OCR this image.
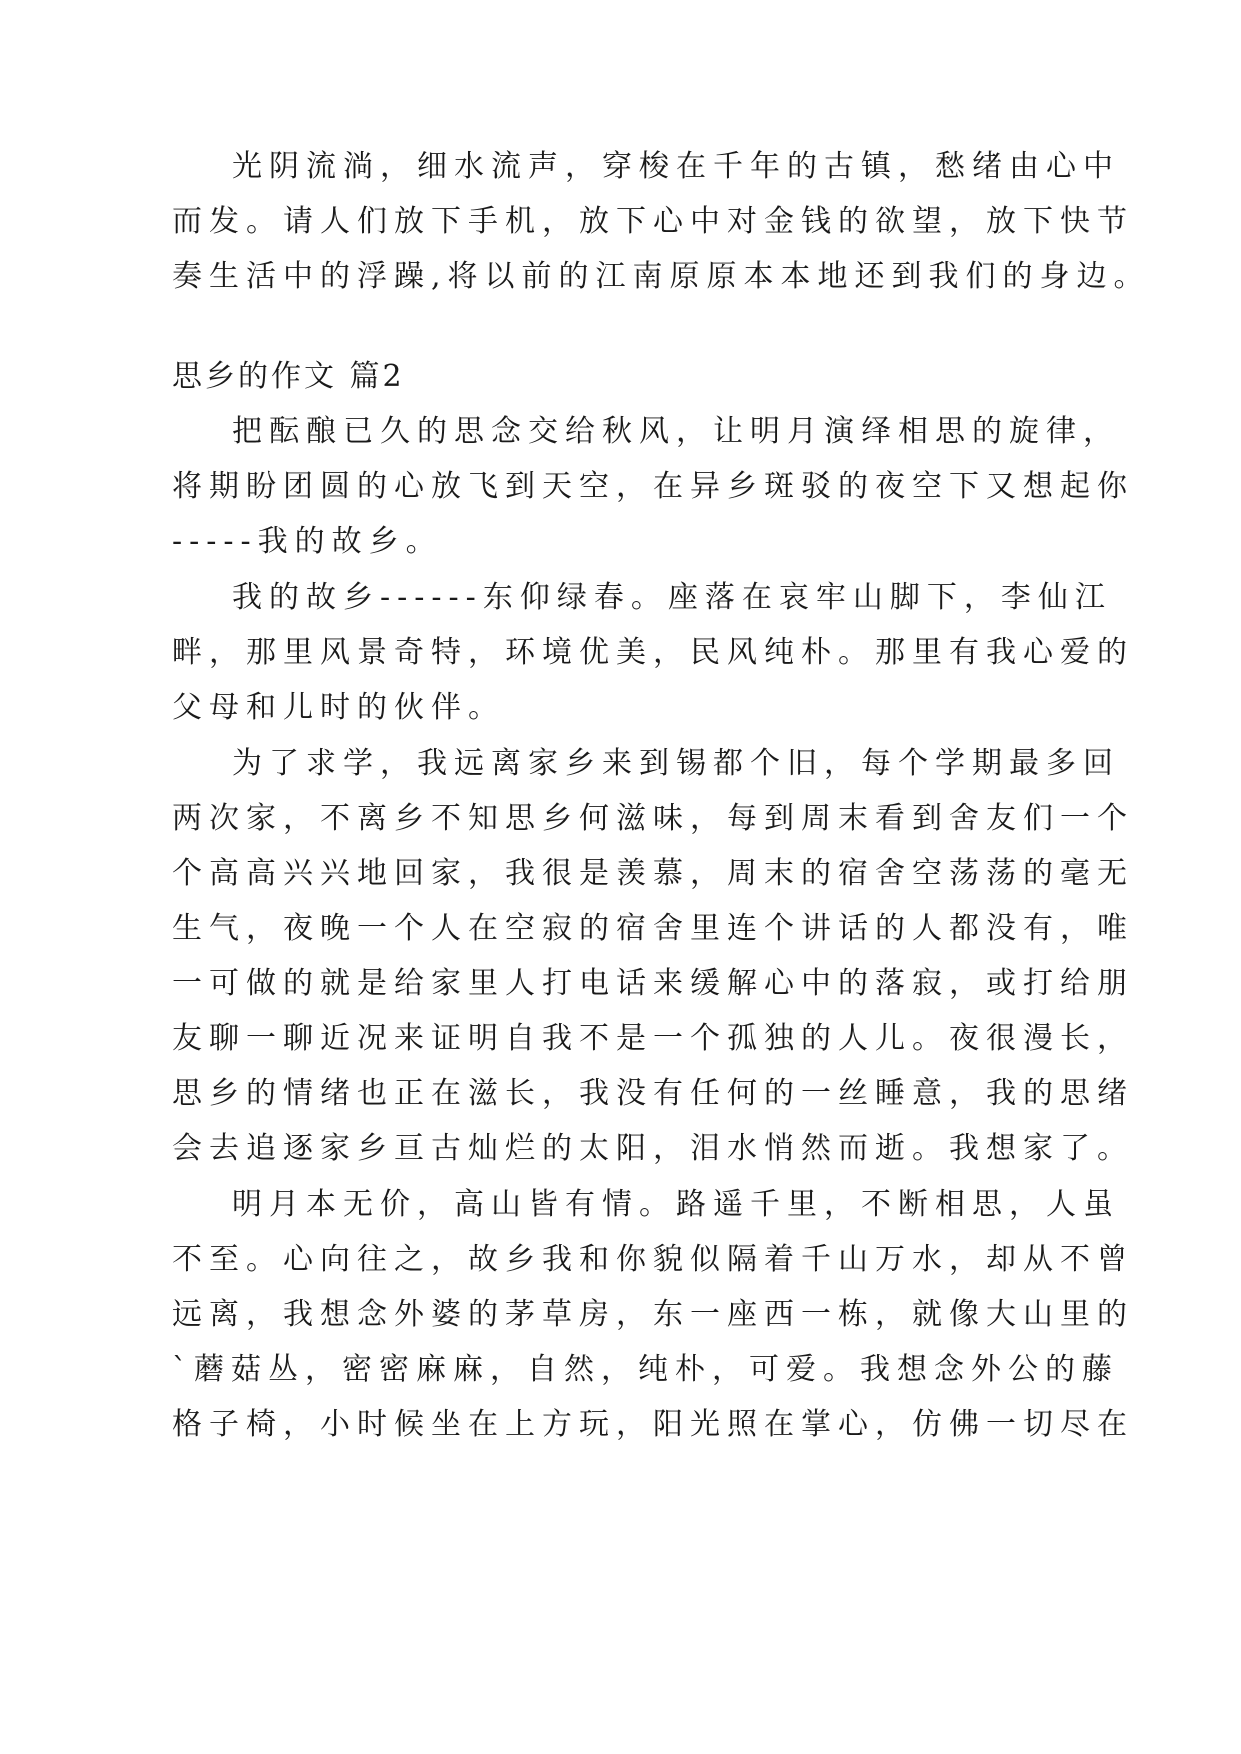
光阴流淌，细水流声，穿梭在千年的古镇，愁绪由心中
而发。请人们放下手机，放下心中对金钱的欲望，放下快节
奏生活中的浮躁,将以前的江南原原本本地还到我们的身边。
思乡的作文 篇2
把酝酿已久的思念交给秋风，让明月演绎相思的旋律，
将期盼团圆的心放飞到天空，在异乡斑驳的夜空下又想起你
-----我的故乡。
我的故乡------东仰绿春。座落在哀牢山脚下，李仙江
畔，那里风景奇特，环境优美，民风纯朴。那里有我心爱的
父母和儿时的伙伴。
为了求学，我远离家乡来到锡都个旧，每个学期最多回
两次家，不离乡不知思乡何滋味，每到周末看到舍友们一个
个高高兴兴地回家，我很是羡慕，周末的宿舍空荡荡的毫无
生气，夜晚一个人在空寂的宿舍里连个讲话的人都没有，唯
一可做的就是给家里人打电话来缓解心中的落寂，或打给朋
友聊一聊近况来证明自我不是一个孤独的人儿。夜很漫长，
思乡的情绪也正在滋长，我没有任何的一丝睡意，我的思绪
会去追逐家乡亘古灿烂的太阳，泪水悄然而逝。我想家了。
明月本无价，高山皆有情。路遥千里，不断相思，人虽
不至。心向往之，故乡我和你貌似隔着千山万水，却从不曾
远离，我想念外婆的茅草房，东一座西一栋，就像大山里的
`蘑菇丛，密密麻麻，自然，纯朴，可爱。我想念外公的藤
格子椅，小时候坐在上方玩，阳光照在掌心，仿佛一切尽在
